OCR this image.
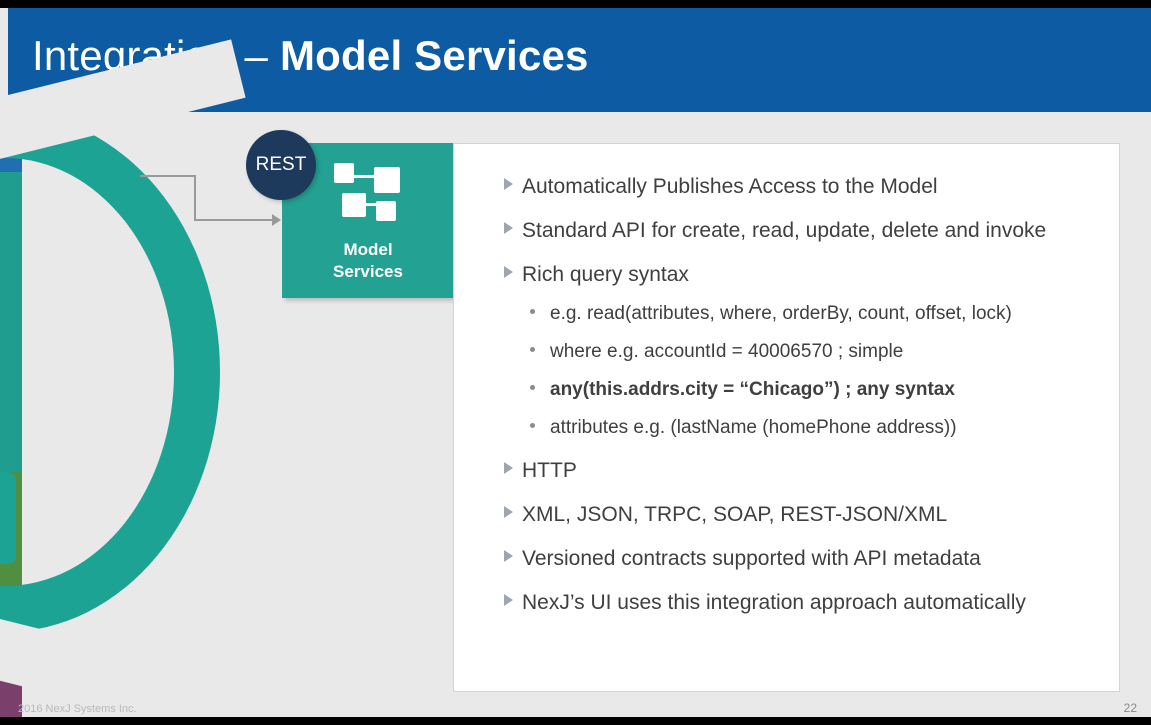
Integration – Model Services
Model
Services
REST
Automatically Publishes Access to the Model
Standard API for create, read, update, delete and invoke
Rich query syntax
e.g. read(attributes, where, orderBy, count, offset, lock)
where e.g. accountId = 40006570 ; simple
any(this.addrs.city = “Chicago”) ; any syntax
attributes e.g. (lastName (homePhone address))
HTTP
XML, JSON, TRPC, SOAP, REST-JSON/XML
Versioned contracts supported with API metadata
NexJ’s UI uses this integration approach automatically
2016 NexJ Systems Inc.	22
